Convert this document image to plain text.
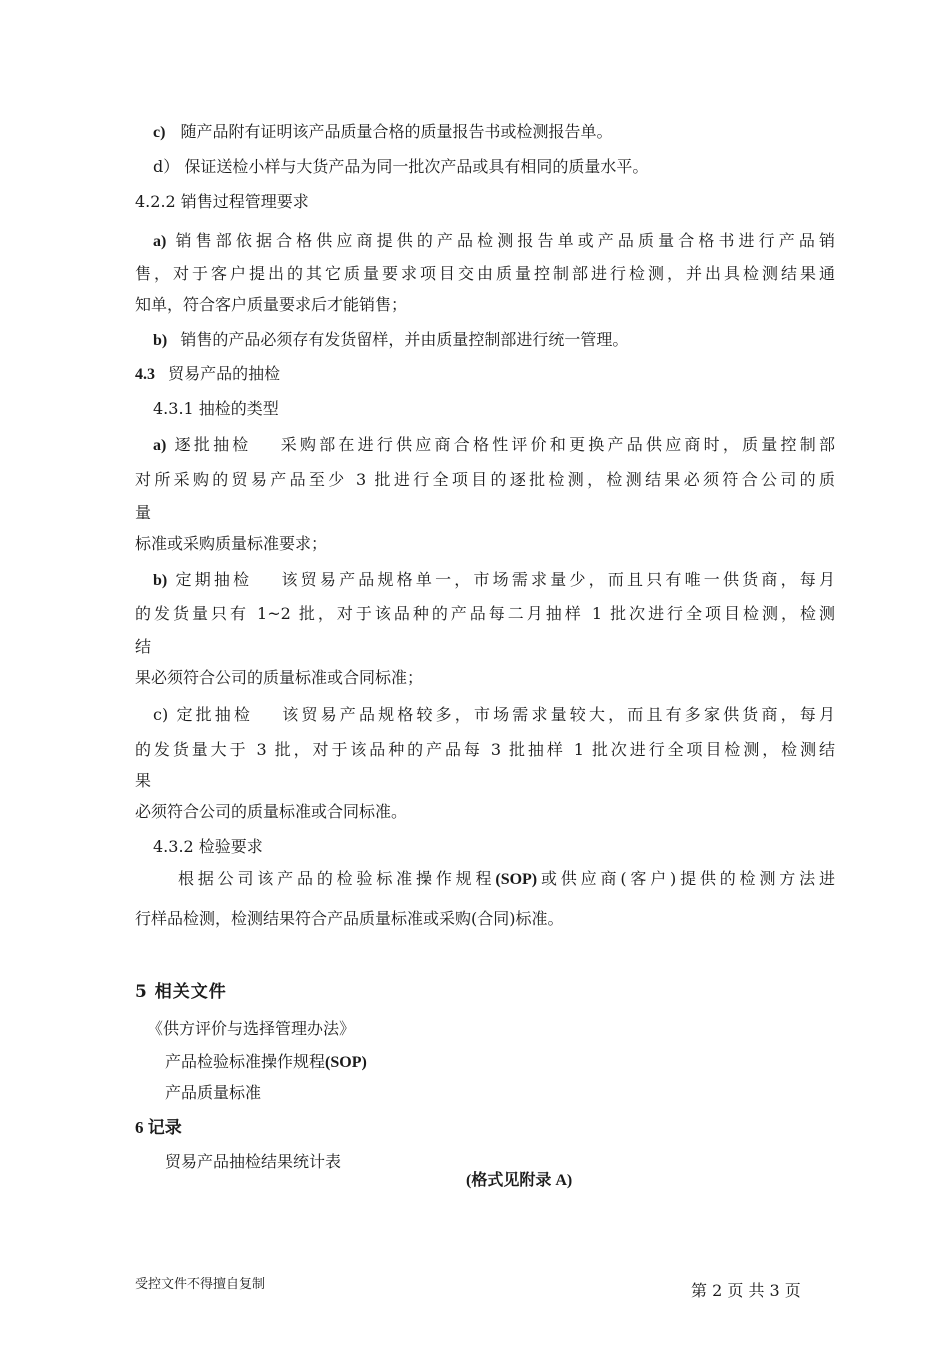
c) 随产品附有证明该产品质量合格的质量报告书或检测报告单。
d） 保证送检小样与大货产品为同一批次产品或具有相同的质量水平。
4.2.2 销售过程管理要求
a) 销售部依据合格供应商提供的产品检测报告单或产品质量合格书进行产品销
售，对于客户提出的其它质量要求项目交由质量控制部进行检测，并出具检测结果通
知单，符合客户质量要求后才能销售；
b) 销售的产品必须存有发货留样，并由质量控制部进行统一管理。
4.3 贸易产品的抽检
4.3.1 抽检的类型
a) 逐批抽检 采购部在进行供应商合格性评价和更换产品供应商时，质量控制部
对所采购的贸易产品至少 3 批进行全项目的逐批检测，检测结果必须符合公司的质
量
标准或采购质量标准要求；
b) 定期抽检 该贸易产品规格单一，市场需求量少，而且只有唯一供货商，每月
的发货量只有 1~2 批，对于该品种的产品每二月抽样 1 批次进行全项目检测，检测
结
果必须符合公司的质量标准或合同标准；
c) 定批抽检 该贸易产品规格较多，市场需求量较大，而且有多家供货商，每月
的发货量大于 3 批，对于该品种的产品每 3 批抽样 1 批次进行全项目检测，检测结
果
必须符合公司的质量标准或合同标准。
4.3.2 检验要求
根据公司该产品的检验标准操作规程(SOP)或供应商(客户)提供的检测方法进
行样品检测，检测结果符合产品质量标准或采购(合同)标准。
5 相关文件
《供方评价与选择管理办法》
产品检验标准操作规程(SOP)
产品质量标准
6 记录
贸易产品抽检结果统计表
(格式见附录 A)
受控文件不得擅自复制	第 2 页 共 3 页
